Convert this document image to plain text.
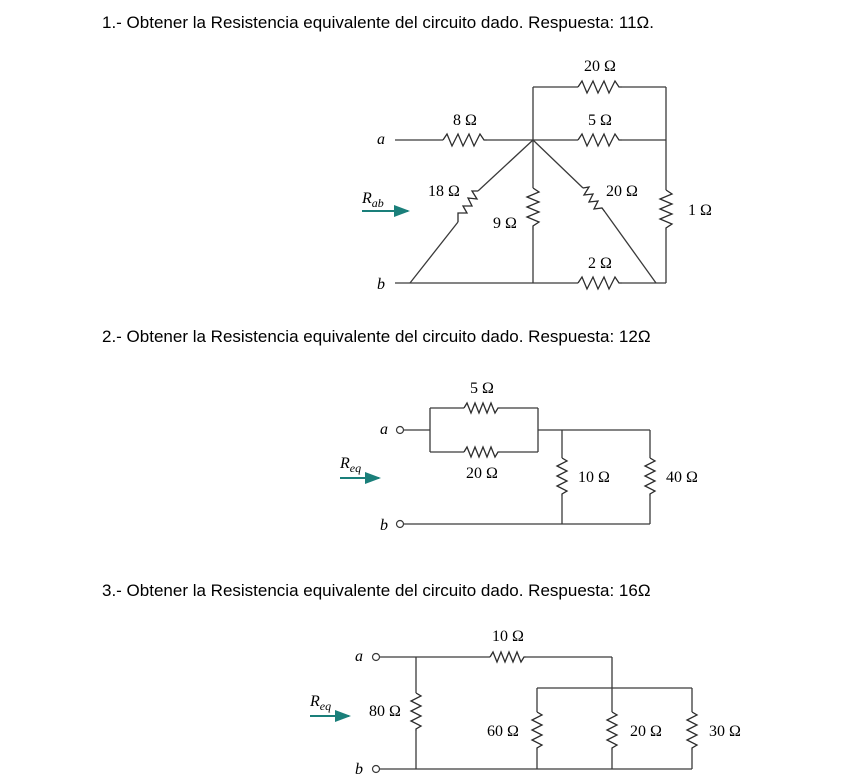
1.- Obtener la Resistencia equivalente del circuito dado. Respuesta: 11Ω.
a
b
20 Ω
5 Ω
8 Ω
18 Ω
9 Ω
20 Ω
1 Ω
2 Ω
$R_{ab}$
2.- Obtener la Resistencia equivalente del circuito dado. Respuesta: 12Ω
a
b
5 Ω
20 Ω	10 Ω	40 Ω
$R_{eq}$
3.- Obtener la Resistencia equivalente del circuito dado. Respuesta: 16Ω
a
b
10 Ω
80 Ω
60 Ω	20 Ω	30 Ω
$R_{eq}$
